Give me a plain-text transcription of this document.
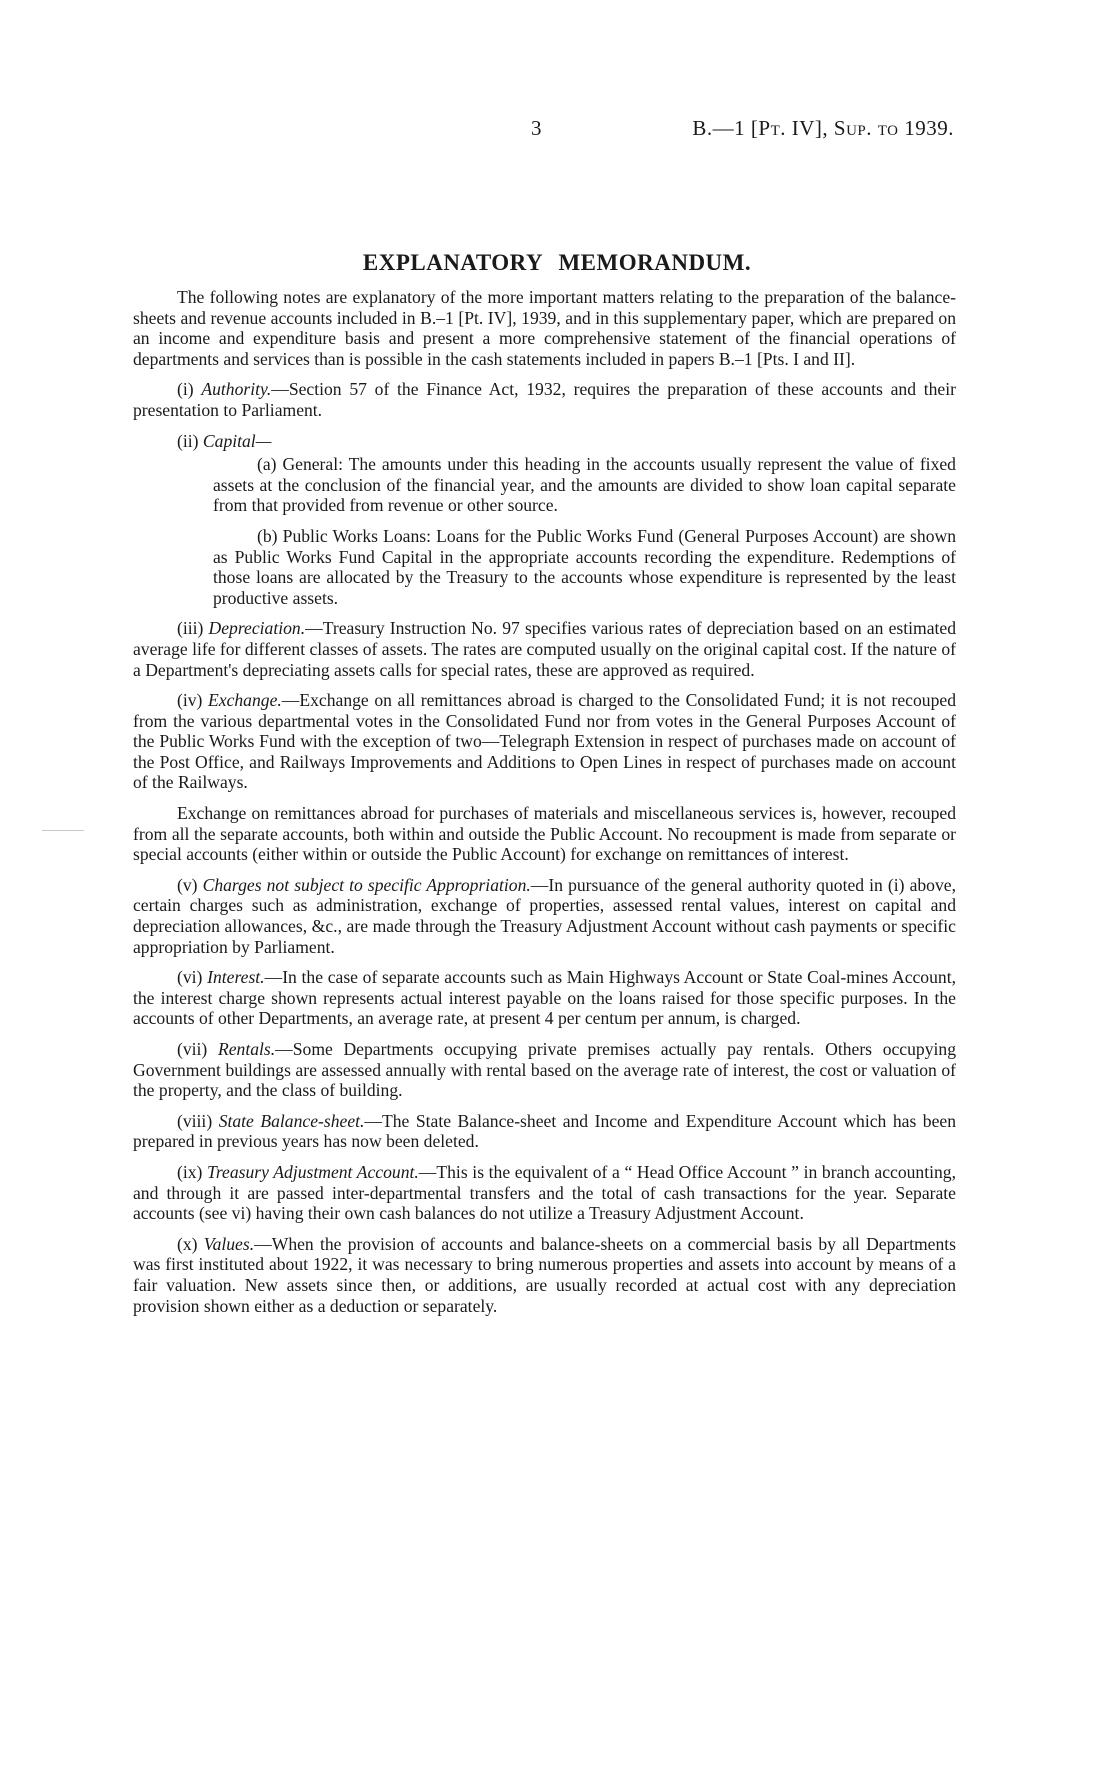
3	B.—1 [Pt. IV], Sup. to 1939.
EXPLANATORY MEMORANDUM.

The following notes are explanatory of the more important matters relating to the preparation of the balance-sheets and revenue accounts included in B.–1 [Pt. IV], 1939, and in this supplementary paper, which are prepared on an income and expenditure basis and present a more comprehensive statement of the financial operations of departments and services than is possible in the cash statements included in papers B.–1 [Pts. I and II].

(i) Authority.—Section 57 of the Finance Act, 1932, requires the preparation of these accounts and their presentation to Parliament.

(ii) Capital—

(a) General: The amounts under this heading in the accounts usually represent the value of fixed assets at the conclusion of the financial year, and the amounts are divided to show loan capital separate from that provided from revenue or other source.

(b) Public Works Loans: Loans for the Public Works Fund (General Purposes Account) are shown as Public Works Fund Capital in the appropriate accounts recording the expenditure. Redemptions of those loans are allocated by the Treasury to the accounts whose expenditure is represented by the least productive assets.

(iii) Depreciation.—Treasury Instruction No. 97 specifies various rates of depreciation based on an estimated average life for different classes of assets. The rates are computed usually on the original capital cost. If the nature of a Department's depreciating assets calls for special rates, these are approved as required.

(iv) Exchange.—Exchange on all remittances abroad is charged to the Consolidated Fund; it is not recouped from the various departmental votes in the Consolidated Fund nor from votes in the General Purposes Account of the Public Works Fund with the exception of two—Telegraph Extension in respect of purchases made on account of the Post Office, and Railways Improvements and Additions to Open Lines in respect of purchases made on account of the Railways.

Exchange on remittances abroad for purchases of materials and miscellaneous services is, however, recouped from all the separate accounts, both within and outside the Public Account. No recoupment is made from separate or special accounts (either within or outside the Public Account) for exchange on remittances of interest.

(v) Charges not subject to specific Appropriation.—In pursuance of the general authority quoted in (i) above, certain charges such as administration, exchange of properties, assessed rental values, interest on capital and depreciation allowances, &c., are made through the Treasury Adjustment Account without cash payments or specific appropriation by Parliament.

(vi) Interest.—In the case of separate accounts such as Main Highways Account or State Coal-mines Account, the interest charge shown represents actual interest payable on the loans raised for those specific purposes. In the accounts of other Departments, an average rate, at present 4 per centum per annum, is charged.

(vii) Rentals.—Some Departments occupying private premises actually pay rentals. Others occupying Government buildings are assessed annually with rental based on the average rate of interest, the cost or valuation of the property, and the class of building.

(viii) State Balance-sheet.—The State Balance-sheet and Income and Expenditure Account which has been prepared in previous years has now been deleted.

(ix) Treasury Adjustment Account.—This is the equivalent of a “ Head Office Account ” in branch accounting, and through it are passed inter-departmental transfers and the total of cash transactions for the year. Separate accounts (see vi) having their own cash balances do not utilize a Treasury Adjustment Account.

(x) Values.—When the provision of accounts and balance-sheets on a commercial basis by all Departments was first instituted about 1922, it was necessary to bring numerous properties and assets into account by means of a fair valuation. New assets since then, or additions, are usually recorded at actual cost with any depreciation provision shown either as a deduction or separately.
